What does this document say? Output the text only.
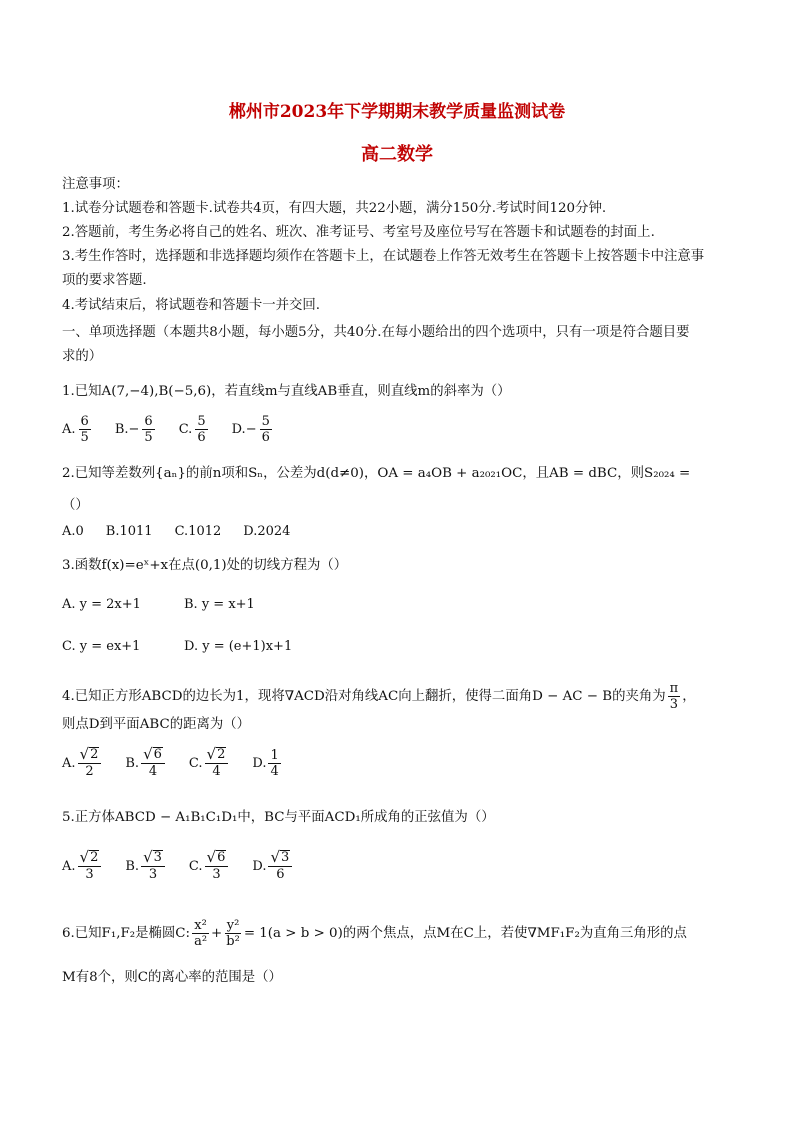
郴州市2023年下学期期末教学质量监测试卷
高二数学
注意事项：
1.试卷分试题卷和答题卡.试卷共4页，有四大题，共22小题，满分150分.考试时间120分钟.
2.答题前，考生务必将自己的姓名、班次、准考证号、考室号及座位号写在答题卡和试题卷的封面上.
3.考生作答时，选择题和非选择题均须作在答题卡上，在试题卷上作答无效考生在答题卡上按答题卡中注意事
项的要求答题.
4.考试结束后，将试题卷和答题卡一并交回.
一、单项选择题（本题共8小题，每小题5分，共40分.在每小题给出的四个选项中，只有一项是符合题目要
求的）
1.已知A(7,−4),B(−5,6)，若直线m与直线AB垂直，则直线m的斜率为（）
A. $\frac{6}{5} B$. − $\frac{6}{5} C$. $\frac{5}{6} D$. − $\frac{5}{6}$
2.已知等差数列{aₙ}的前n项和Sₙ，公差为d(d≠0)，OA = a₄OB + a₂₀₂₁OC，且AB = dBC，则S₂₀₂₄ =
（）
A.0 B.1011 C.1012 D.2024
3.函数f(x)=eˣ+x在点(0,1)处的切线方程为（）
A. y = 2x+1	B. y = x+1
C. y = ex+1	D. y = (e+1)x+1
4.已知正方形ABCD的边长为1，现将∇ACD沿对角线AC向上翻折，使得二面角D − AC − B的夹角为 $\frac{\pi}{3}$ ，
则点D到平面ABC的距离为（）
A. $\frac{√ 2}{2} B$. $\frac{√ 6}{4} C$. $\frac{√ 2}{4} D$. $\frac{1}{4}$
5.正方体ABCD − A₁B₁C₁D₁中，BC与平面ACD₁所成角的正弦值为（）
A. $\frac{√ 2}{3} B$. $\frac{√ 3}{3} C$. $\frac{√ 6}{3} D$. $\frac{√ 3}{6}$
6.已知F₁,F₂是椭圆C: $\frac{\text{x²}}{\text{a²}} + \frac{\text{y²}}{\text{b²}} = 1(a > b > 0)$的两个焦点，点M在C上，若使∇MF₁F₂为直角三角形的点
M有8个，则C的离心率的范围是（）
